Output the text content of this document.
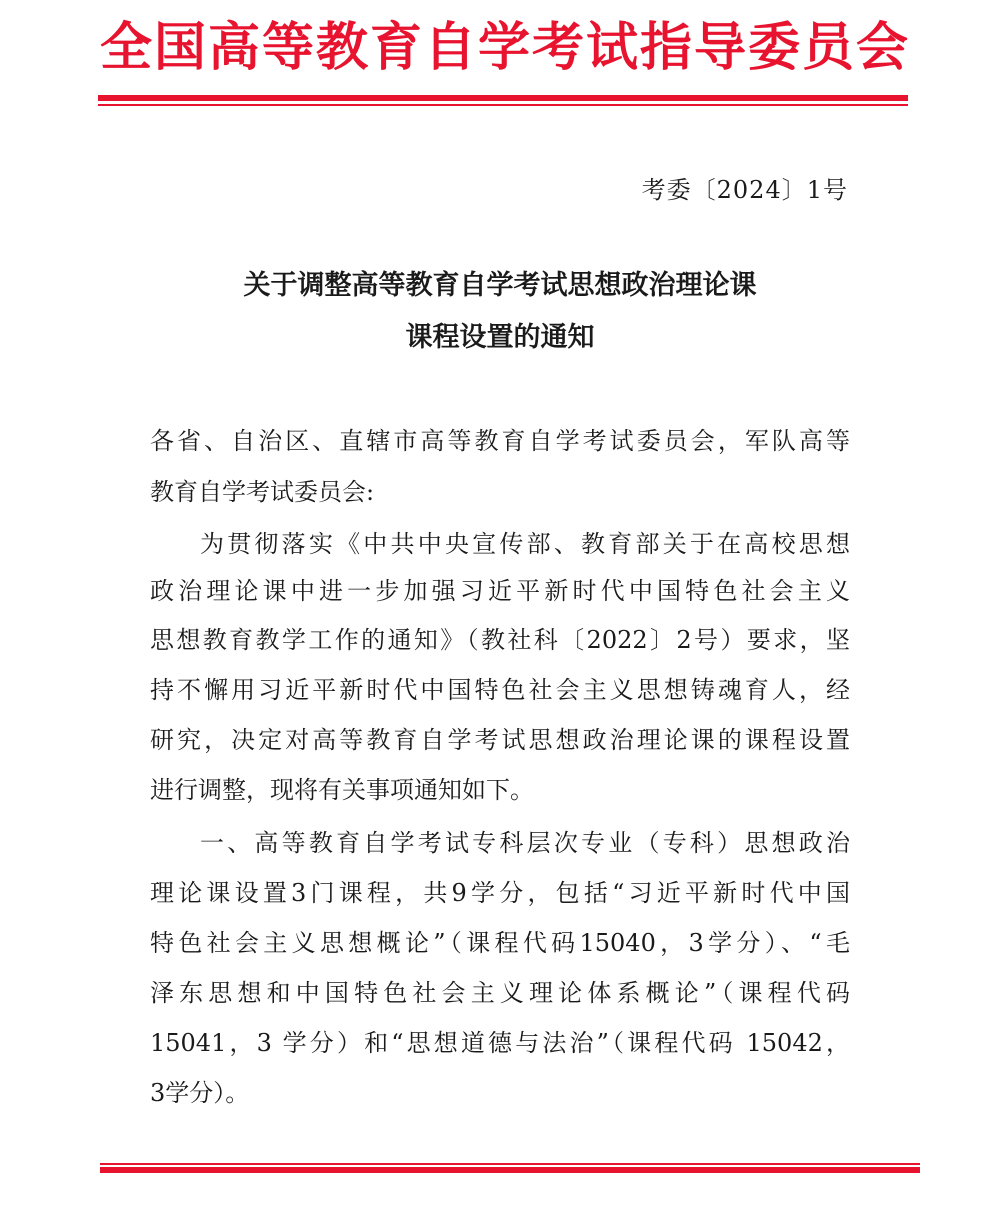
全国高等教育自学考试指导委员会
考委〔2024〕1号
关于调整高等教育自学考试思想政治理论课
课程设置的通知
各省、自治区、直辖市高等教育自学考试委员会，军队高等
教育自学考试委员会:
为贯彻落实《中共中央宣传部、教育部关于在高校思想
政治理论课中进一步加强习近平新时代中国特色社会主义
思想教育教学工作的通知》（教社科〔2022〕2号）要求，坚
持不懈用习近平新时代中国特色社会主义思想铸魂育人，经
研究，决定对高等教育自学考试思想政治理论课的课程设置
进行调整，现将有关事项通知如下。
一、高等教育自学考试专科层次专业（专科）思想政治
理论课设置3门课程，共9学分，包括“习近平新时代中国
特色社会主义思想概论”（课程代码15040，3学分）、“毛
泽东思想和中国特色社会主义理论体系概论”（课程代码
15041，3 学分）和“思想道德与法治”（课程代码 15042，
3学分）。
